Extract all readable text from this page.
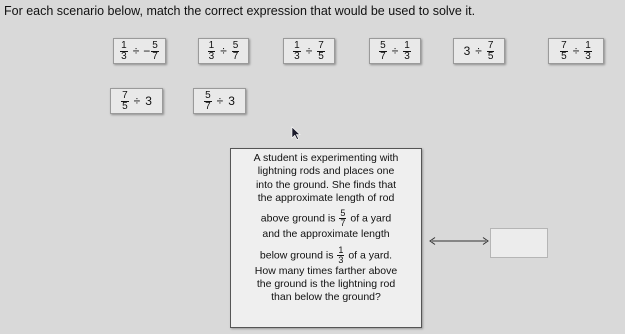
For each scenario below, match the correct expression that would be used to solve it.
$\frac{1}{3}$ ÷ − $\frac{5}{7}$	$\frac{1}{3} \div \frac{5}{7}$	$\frac{1}{3} \div \frac{7}{5}$	$\frac{5}{7} \div \frac{1}{3}$	$3 \div \frac{7}{5}$	$\frac{7}{5} \div \frac{1}{3}$
$\frac{7}{5} \div 3$	$\frac{5}{7} \div 3$
A student is experimenting with
lightning rods and places one
into the ground. She finds that
the approximate length of rod
above ground is $\frac{5}{7}$ of a yard
and the approximate length
below ground is $\frac{1}{3}$ of a yard.
How many times farther above
the ground is the lightning rod
than below the ground?
